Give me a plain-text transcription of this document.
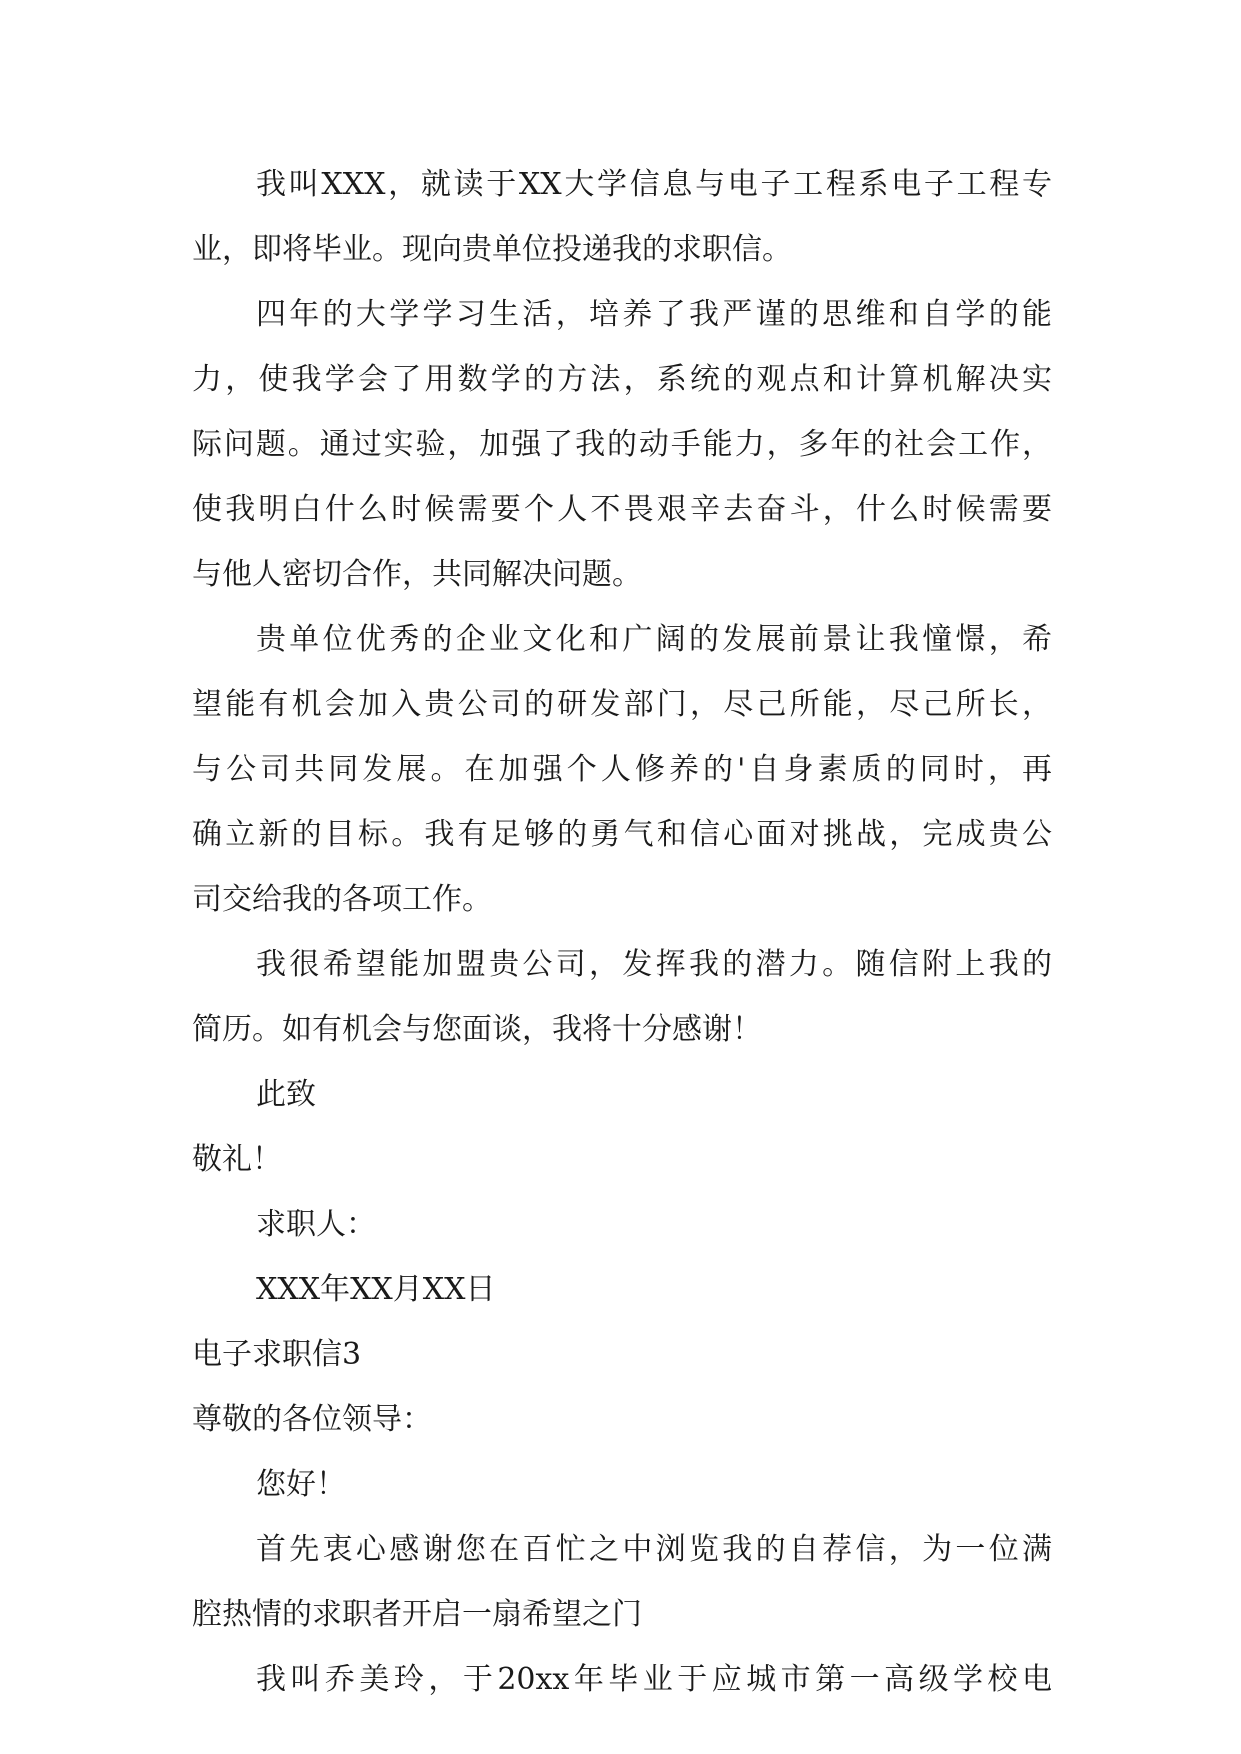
我叫XXX，就读于XX大学信息与电子工程系电子工程专
业，即将毕业。现向贵单位投递我的求职信。
四年的大学学习生活，培养了我严谨的思维和自学的能
力，使我学会了用数学的方法，系统的观点和计算机解决实
际问题。通过实验，加强了我的动手能力，多年的社会工作，
使我明白什么时候需要个人不畏艰辛去奋斗，什么时候需要
与他人密切合作，共同解决问题。
贵单位优秀的企业文化和广阔的发展前景让我憧憬，希
望能有机会加入贵公司的研发部门，尽己所能，尽己所长，
与公司共同发展。在加强个人修养的'自身素质的同时，再
确立新的目标。我有足够的勇气和信心面对挑战，完成贵公
司交给我的各项工作。
我很希望能加盟贵公司，发挥我的潜力。随信附上我的
简历。如有机会与您面谈，我将十分感谢！
此致
敬礼！
求职人：
XXX年XX月XX日
电子求职信3
尊敬的各位领导：
您好！
首先衷心感谢您在百忙之中浏览我的自荐信，为一位满
腔热情的求职者开启一扇希望之门
我叫乔美玲，于20xx年毕业于应城市第一高级学校电
